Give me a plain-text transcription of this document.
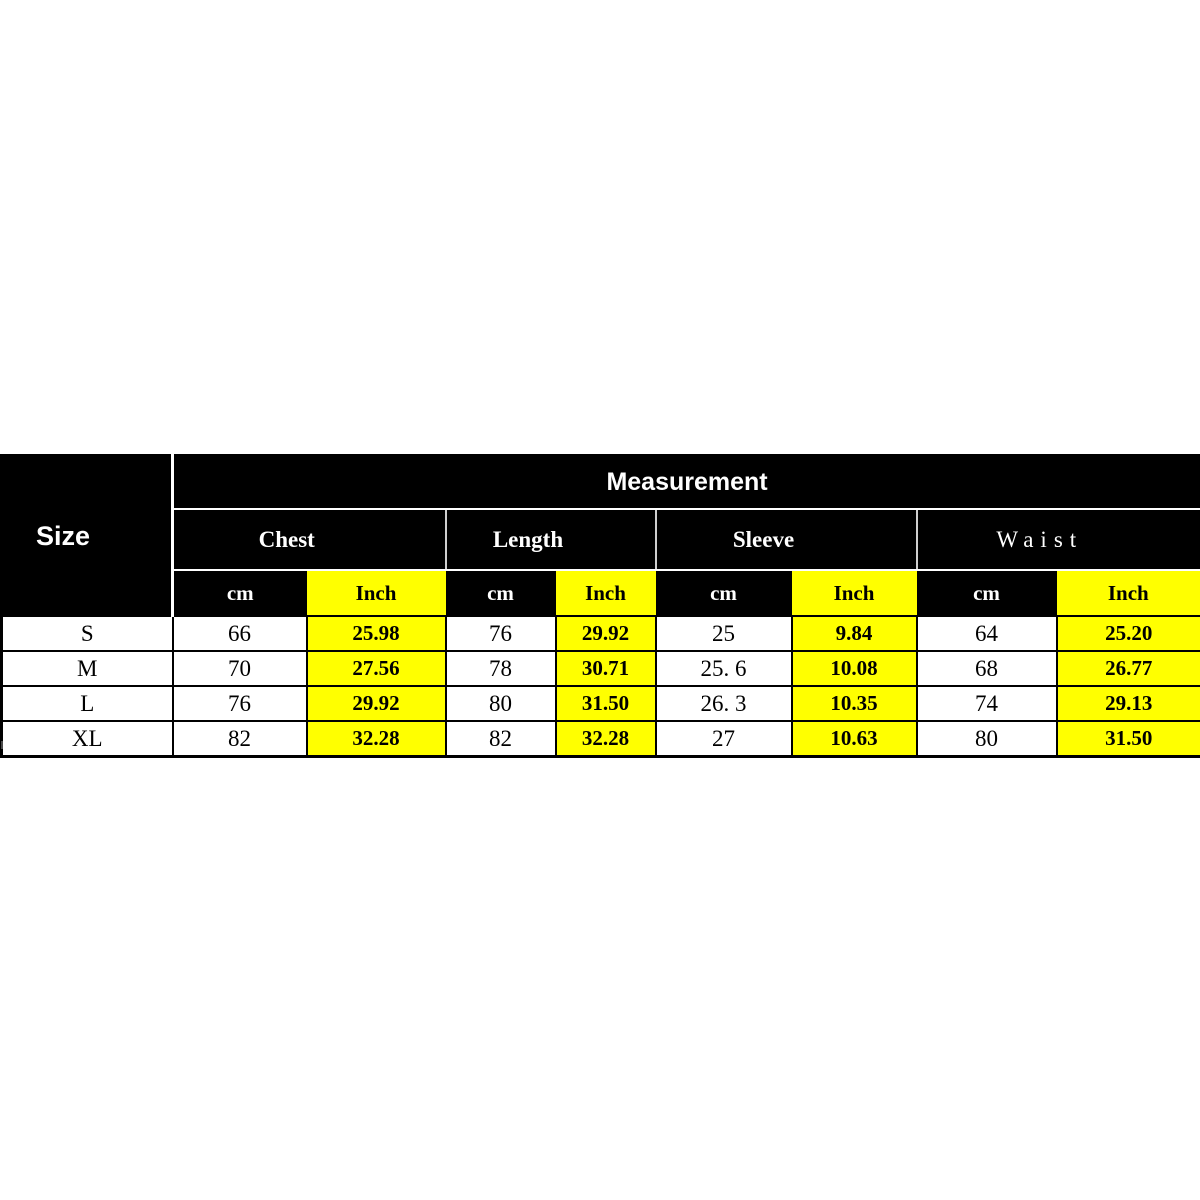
Size	Measurement							
	Chest		Length		Sleeve		Waist	
	cm	Inch	cm	Inch	cm	Inch	cm	Inch
S	66	25.98	76	29.92	25	9.84	64	25.20
M	70	27.56	78	30.71	25. 6	10.08	68	26.77
L	76	29.92	80	31.50	26. 3	10.35	74	29.13
XL	82	32.28	82	32.28	27	10.63	80	31.50
